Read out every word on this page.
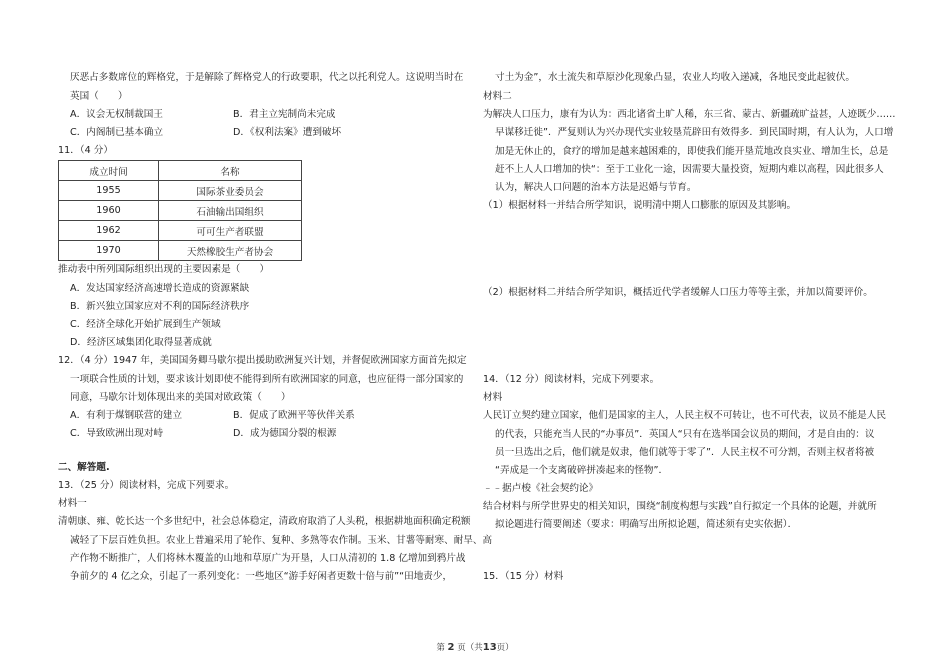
厌恶占多数席位的辉格党，于是解除了辉格党人的行政要职，代之以托利党人。这说明当时在
英国（　　）
A．议会无权制裁国王	B．君主立宪制尚未完成
C．内阁制已基本确立	D．《权利法案》遭到破坏
11．（4 分）
成立时间	名称
1955	国际茶业委员会
1960	石油输出国组织
1962	可可生产者联盟
1970	天然橡胶生产者协会
推动表中所列国际组织出现的主要因素是（　　）
A．发达国家经济高速增长造成的资源紧缺
B．新兴独立国家应对不利的国际经济秩序
C．经济全球化开始扩展到生产领域
D．经济区域集团化取得显著成就
12．（4 分）1947 年，美国国务卿马歇尔提出援助欧洲复兴计划，并督促欧洲国家方面首先拟定
一项联合性质的计划，要求该计划即使不能得到所有欧洲国家的同意，也应征得一部分国家的
同意，马歇尔计划体现出来的美国对欧政策（　　）
A．有利于煤钢联营的建立	B．促成了欧洲平等伙伴关系
C．导致欧洲出现对峙	D．成为德国分裂的根源
二、解答题.
13．（25 分）阅读材料，完成下列要求。
材料一
清朝康、雍、乾长达一个多世纪中，社会总体稳定，清政府取消了人头税，根据耕地面积确定税额
减轻了下层百姓负担。农业上普遍采用了轮作、复种、多熟等农作制。玉米、甘薯等耐寒、耐旱、高
产作物不断推广，人们将林木覆盖的山地和草原广为开垦，人口从清初的 1.8 亿增加到鸦片战
争前夕的 4 亿之众，引起了一系列变化：一些地区“游手好闲者更数十倍与前”“田地责少，
寸土为金”，水土流失和草原沙化现象凸显，农业人均收入递减，各地民变此起彼伏。
材料二
为解决人口压力，康有为认为：西北诸省土旷人稀，东三省、蒙古、新疆疏旷益甚，人迹既少……
早谋移迁徙”．严复则认为兴办现代实业较垦荒辟田有效得多．到民国时期，有人认为，人口增
加是无休止的，食疗的增加是越来越困难的，即使我们能开垦荒地改良实业、增加生长，总是
赶不上人人口增加的快“：至于工业化一途，因需要大量投资，短期内难以高程，因此很多人
认为，解决人口问题的治本方法是迟婚与节育。
（1）根据材料一并结合所学知识，说明清中期人口膨胀的原因及其影响。
（2）根据材料二并结合所学知识，概括近代学者缓解人口压力等等主张，并加以简要评价。
14．（12 分）阅读材料，完成下列要求。
材料
人民订立契约建立国家，他们是国家的主人，人民主权不可转让，也不可代表，议员不能是人民
的代表，只能充当人民的“办事员”．英国人“只有在选举国会议员的期间，才是自由的：议
员一旦选出之后，他们就是奴隶，他们就等于零了”．人民主权不可分割，否则主权者将被
“弄成是一个支离破碎拼凑起来的怪物”．
﹣﹣据卢梭《社会契约论》
结合材料与所学世界史的相关知识，围绕“制度构想与实践”自行拟定一个具体的论题，并就所
拟论题进行简要阐述（要求：明确写出所拟论题，简述须有史实依据）．
15．（15 分）材料
第 2 页（共13页）
